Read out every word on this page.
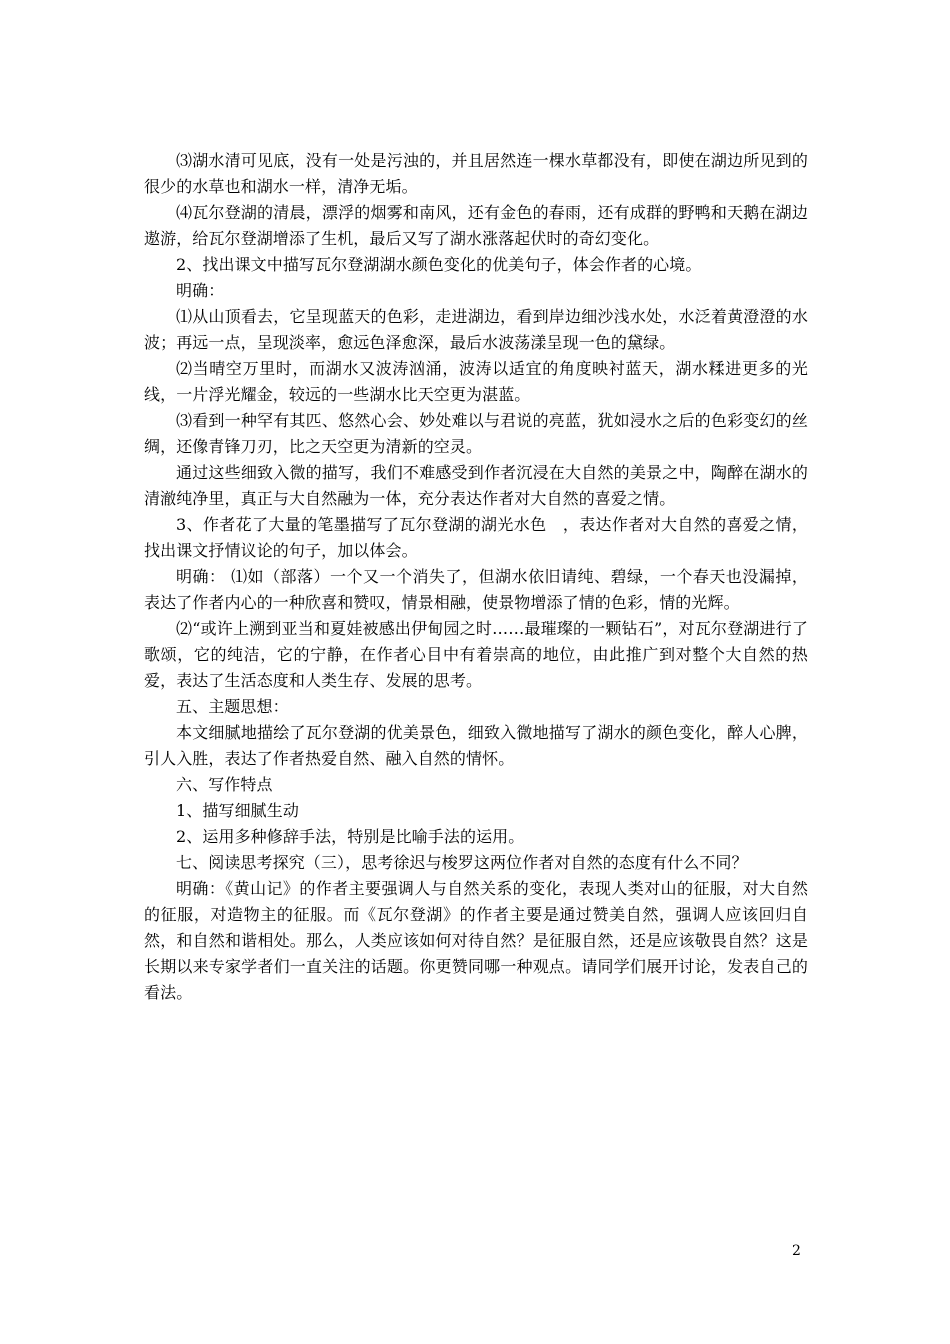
⑶湖水清可见底，没有一处是污浊的，并且居然连一棵水草都没有，即使在湖边所见到的很少的水草也和湖水一样，清净无垢。

⑷瓦尔登湖的清晨，漂浮的烟雾和南风，还有金色的春雨，还有成群的野鸭和天鹅在湖边遨游，给瓦尔登湖增添了生机，最后又写了湖水涨落起伏时的奇幻变化。

2、找出课文中描写瓦尔登湖湖水颜色变化的优美句子，体会作者的心境。

明确：

⑴从山顶看去，它呈现蓝天的色彩，走进湖边，看到岸边细沙浅水处，水泛着黄澄澄的水波；再远一点，呈现淡率，愈远色泽愈深，最后水波荡漾呈现一色的黛绿。

⑵当晴空万里时，而湖水又波涛汹涌，波涛以适宜的角度映衬蓝天，湖水糅进更多的光线，一片浮光耀金，较远的一些湖水比天空更为湛蓝。

⑶看到一种罕有其匹、悠然心会、妙处难以与君说的亮蓝，犹如浸水之后的色彩变幻的丝绸，还像青锋刀刃，比之天空更为清新的空灵。

通过这些细致入微的描写，我们不难感受到作者沉浸在大自然的美景之中，陶醉在湖水的清澈纯净里，真正与大自然融为一体，充分表达作者对大自然的喜爱之情。

3、作者花了大量的笔墨描写了瓦尔登湖的湖光水色　，表达作者对大自然的喜爱之情，找出课文抒情议论的句子，加以体会。

明确： ⑴如（部落）一个又一个消失了，但湖水依旧请纯、碧绿，一个春天也没漏掉，表达了作者内心的一种欣喜和赞叹，情景相融，使景物增添了情的色彩，情的光辉。

⑵“或许上溯到亚当和夏娃被感出伊甸园之时……最璀璨的一颗钻石”，对瓦尔登湖进行了歌颂，它的纯洁，它的宁静，在作者心目中有着崇高的地位，由此推广到对整个大自然的热爱，表达了生活态度和人类生存、发展的思考。

五、主题思想：

本文细腻地描绘了瓦尔登湖的优美景色，细致入微地描写了湖水的颜色变化，醉人心脾，引人入胜，表达了作者热爱自然、融入自然的情怀。

六、写作特点

1、描写细腻生动

2、运用多种修辞手法，特别是比喻手法的运用。

七、阅读思考探究（三），思考徐迟与梭罗这两位作者对自然的态度有什么不同？

明确：《黄山记》的作者主要强调人与自然关系的变化，表现人类对山的征服，对大自然的征服，对造物主的征服。而《瓦尔登湖》的作者主要是通过赞美自然，强调人应该回归自然，和自然和谐相处。那么，人类应该如何对待自然？是征服自然，还是应该敬畏自然？这是长期以来专家学者们一直关注的话题。你更赞同哪一种观点。请同学们展开讨论，发表自己的看法。

2
